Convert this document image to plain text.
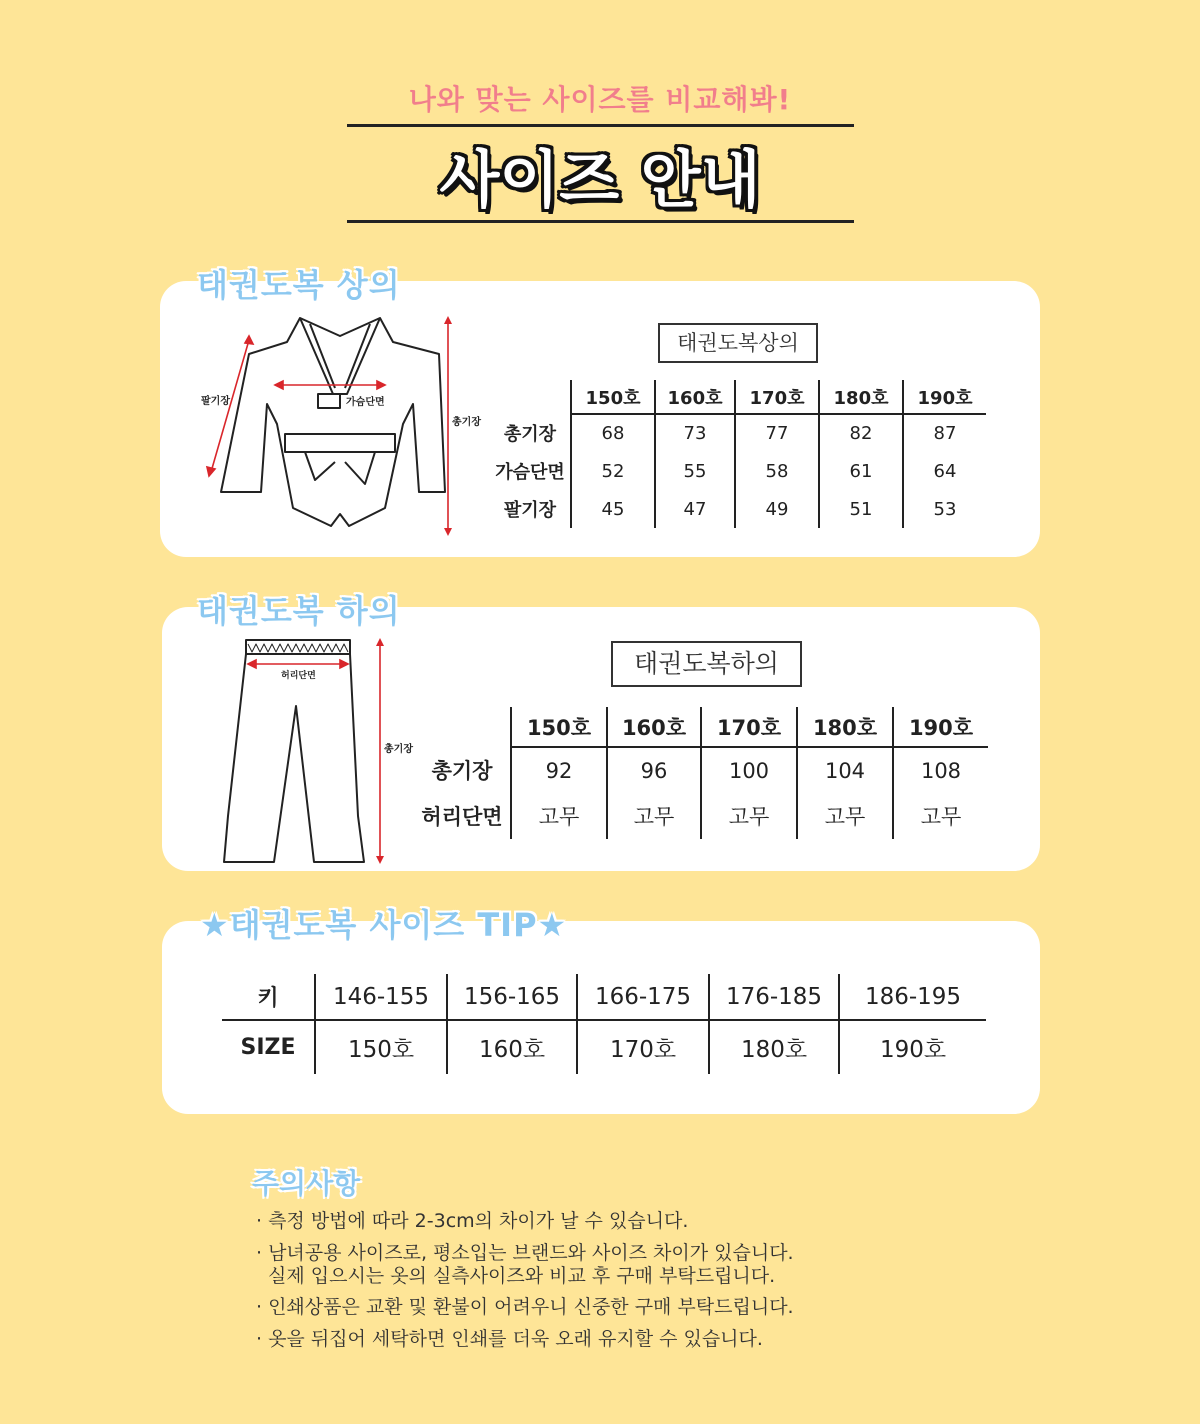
나와 맞는 사이즈를 비교해봐!
사이즈 안내
태권도복 상의
팔기장	가슴단면
총기장
태권도복상의
	150호	160호	170호	180호	190호
총기장	68	73	77	82	87
가슴단면	52	55	58	61	64
팔기장	45	47	49	51	53
태권도복 하의
허리단면
총기장
태권도복하의
	150호	160호	170호	180호	190호
총기장	92	96	100	104	108
허리단면	고무	고무	고무	고무	고무
★태권도복 사이즈 TIP★
키	146-155	156-165	166-175	176-185	186-195
SIZE	150호	160호	170호	180호	190호
주의사항
· 측정 방법에 따라 2-3cm의 차이가 날 수 있습니다.
· 남녀공용 사이즈로, 평소입는 브랜드와 사이즈 차이가 있습니다.
실제 입으시는 옷의 실측사이즈와 비교 후 구매 부탁드립니다.
· 인쇄상품은 교환 및 환불이 어려우니 신중한 구매 부탁드립니다.
· 옷을 뒤집어 세탁하면 인쇄를 더욱 오래 유지할 수 있습니다.
